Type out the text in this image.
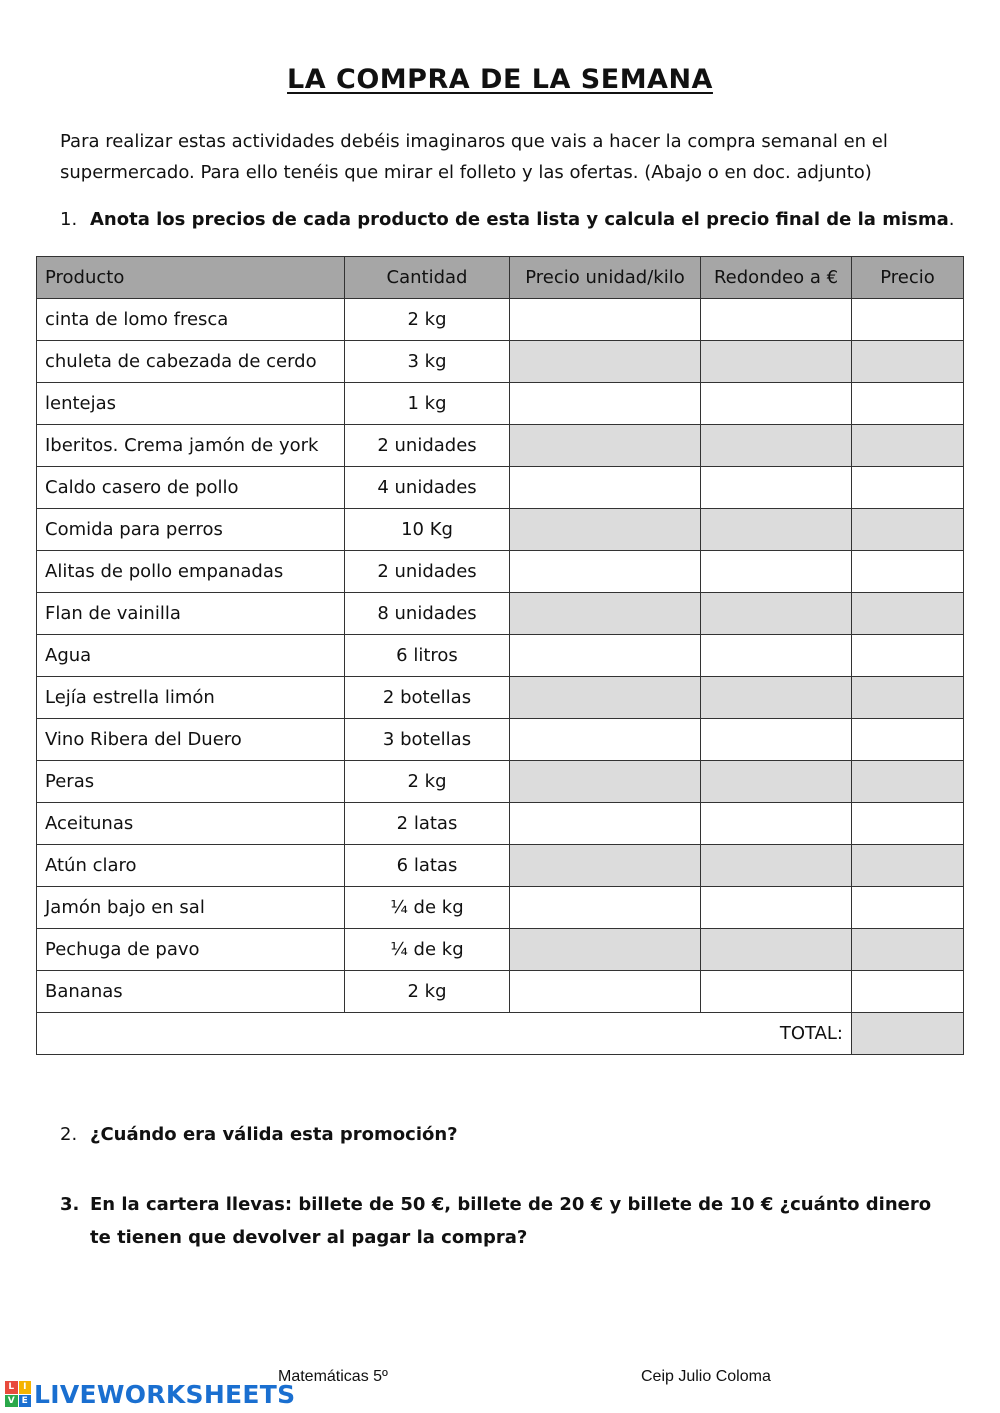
LA COMPRA DE LA SEMANA
Para realizar estas actividades debéis imaginaros que vais a hacer la compra semanal en el
supermercado. Para ello tenéis que mirar el folleto y las ofertas. (Abajo o en doc. adjunto)
1. Anota los precios de cada producto de esta lista y calcula el precio final de la misma.
Producto	Cantidad	Precio unidad/kilo	Redondeo a €	Precio
cinta de lomo fresca	2 kg			
chuleta de cabezada de cerdo	3 kg			
lentejas	1 kg			
Iberitos. Crema jamón de york	2 unidades			
Caldo casero de pollo	4 unidades			
Comida para perros	10 Kg			
Alitas de pollo empanadas	2 unidades			
Flan de vainilla	8 unidades			
Agua	6 litros			
Lejía estrella limón	2 botellas			
Vino Ribera del Duero	3 botellas			
Peras	2 kg			
Aceitunas	2 latas			
Atún claro	6 latas			
Jamón bajo en sal	¼ de kg			
Pechuga de pavo	¼ de kg			
Bananas	2 kg			
TOTAL:				
2. ¿Cuándo era válida esta promoción?
3. En la cartera llevas: billete de 50 €, billete de 20 € y billete de 10 € ¿cuánto dinero
te tienen que devolver al pagar la compra?
L I
V E LIVEWORKSHEETS
Matemáticas 5º	Ceip Julio Coloma
